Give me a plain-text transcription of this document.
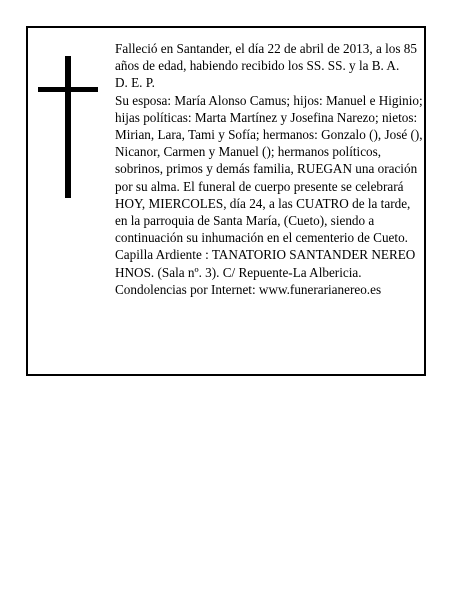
Falleció en Santander, el día 22 de abril de 2013, a los 85 años de edad, habiendo recibido los SS. SS. y la B. A.

D. E. P.

Su esposa: María Alonso Camus; hijos: Manuel e Higinio; hijas políticas: Marta Martínez y Josefina Narezo; nietos: Mirian, Lara, Tami y Sofía; hermanos: Gonzalo (), José (), Nicanor, Carmen y Manuel (); hermanos políticos, sobrinos, primos y demás familia, RUEGAN una oración por su alma. El funeral de cuerpo presente se celebrará HOY, MIERCOLES, día 24, a las CUATRO de la tarde, en la parroquia de Santa María, (Cueto), siendo a continuación su inhumación en el cementerio de Cueto. Capilla Ardiente : TANATORIO SANTANDER NEREO HNOS. (Sala nº. 3). C/ Repuente-La Albericia.

Condolencias por Internet: www.funerarianereo.es
